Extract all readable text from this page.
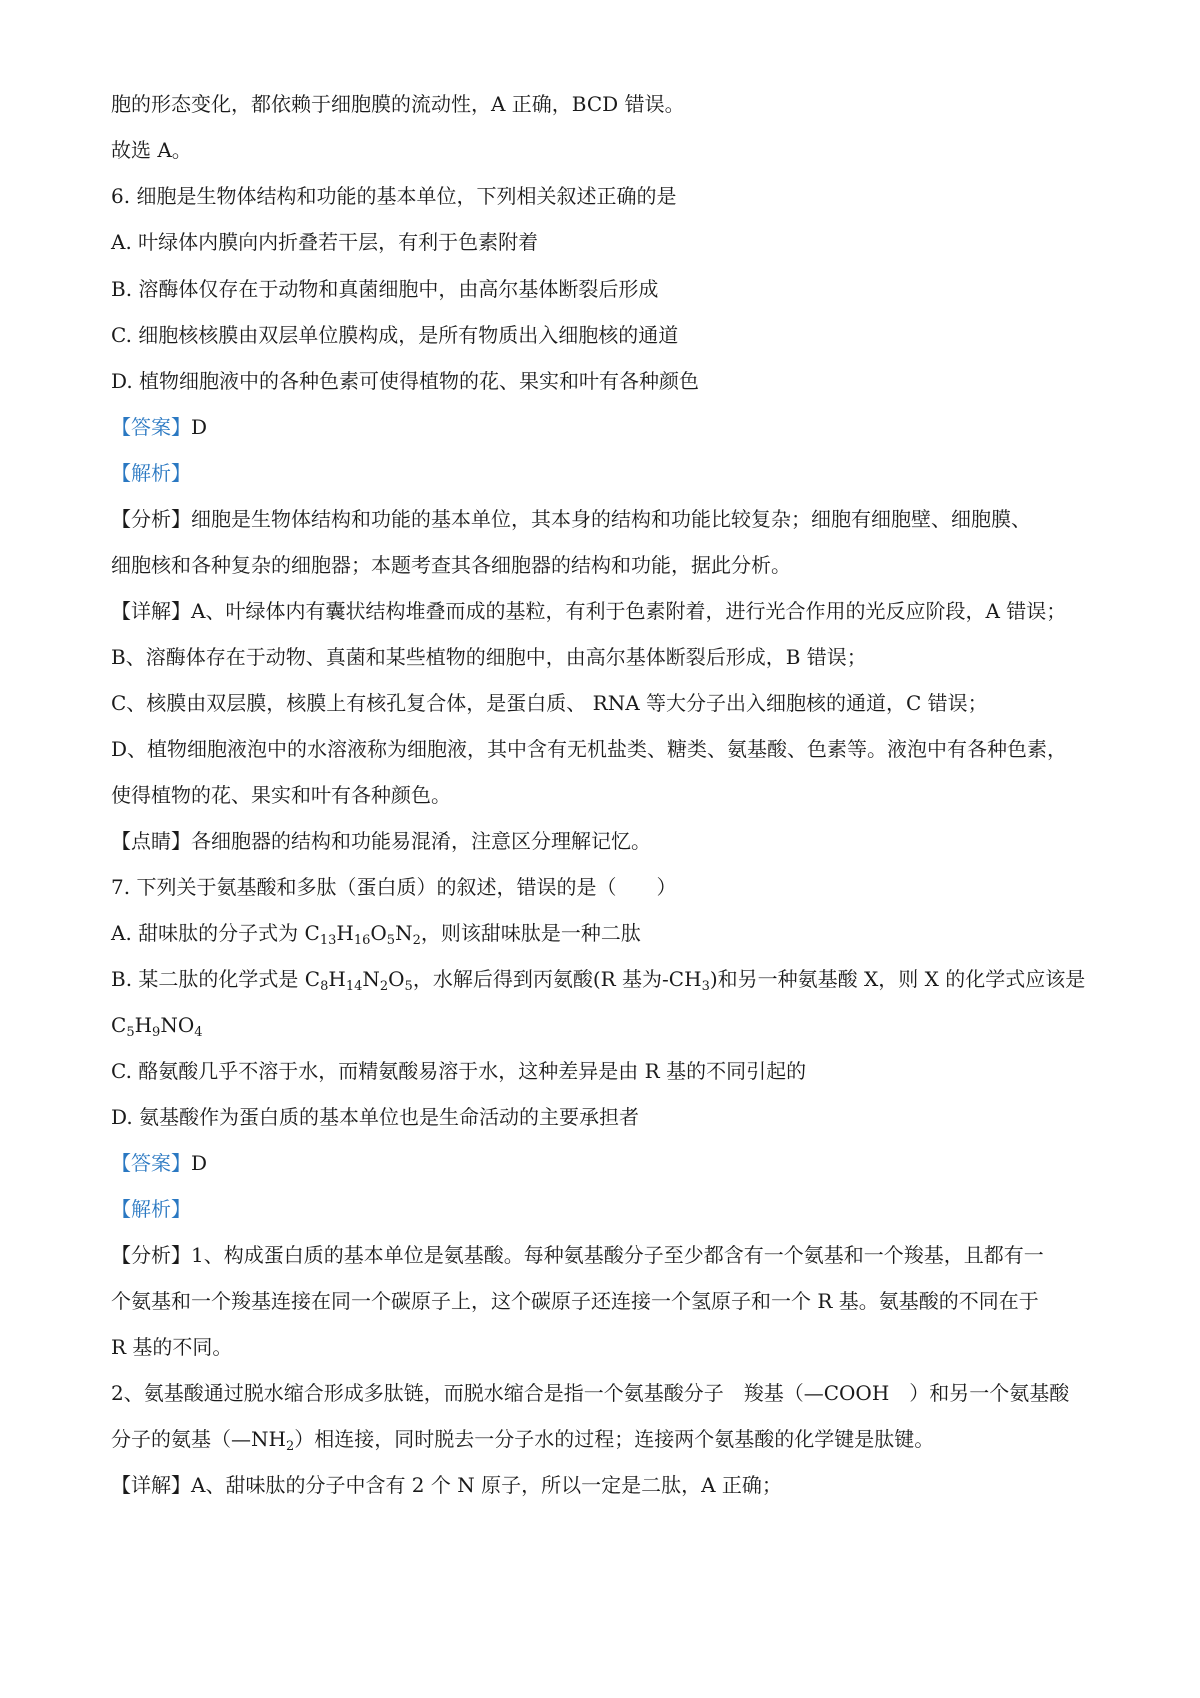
胞的形态变化，都依赖于细胞膜的流动性，A 正确，BCD 错误。
故选 A。
6. 细胞是生物体结构和功能的基本单位，下列相关叙述正确的是
A. 叶绿体内膜向内折叠若干层，有利于色素附着
B. 溶酶体仅存在于动物和真菌细胞中，由高尔基体断裂后形成
C. 细胞核核膜由双层单位膜构成，是所有物质出入细胞核的通道
D. 植物细胞液中的各种色素可使得植物的花、果实和叶有各种颜色
【答案】D
【解析】
【分析】细胞是生物体结构和功能的基本单位，其本身的结构和功能比较复杂；细胞有细胞壁、细胞膜、
细胞核和各种复杂的细胞器；本题考查其各细胞器的结构和功能，据此分析。
【详解】A、叶绿体内有囊状结构堆叠而成的基粒，有利于色素附着，进行光合作用的光反应阶段，A 错误；
B、溶酶体存在于动物、真菌和某些植物的细胞中，由高尔基体断裂后形成，B 错误；
C、核膜由双层膜，核膜上有核孔复合体，是蛋白质、 RNA 等大分子出入细胞核的通道，C 错误；
D、植物细胞液泡中的水溶液称为细胞液，其中含有无机盐类、糖类、氨基酸、色素等。液泡中有各种色素，
使得植物的花、果实和叶有各种颜色。
【点睛】各细胞器的结构和功能易混淆，注意区分理解记忆。
7. 下列关于氨基酸和多肽（蛋白质）的叙述，错误的是（　　）
A. 甜味肽的分子式为 $C_{13}H_{16}O_5N_2$，则该甜味肽是一种二肽
B. 某二肽的化学式是 $C_8H_{14}N_2O_5$，水解后得到丙氨酸(R 基为$-CH_3$)和另一种氨基酸 X，则 X 的化学式应该是
$C_5H_9NO_4$
C. 酪氨酸几乎不溶于水，而精氨酸易溶于水，这种差异是由 R 基的不同引起的
D. 氨基酸作为蛋白质的基本单位也是生命活动的主要承担者
【答案】D
【解析】
【分析】1、构成蛋白质的基本单位是氨基酸。每种氨基酸分子至少都含有一个氨基和一个羧基，且都有一
个氨基和一个羧基连接在同一个碳原子上，这个碳原子还连接一个氢原子和一个 R 基。氨基酸的不同在于
R 基的不同。
2、氨基酸通过脱水缩合形成多肽链，而脱水缩合是指一个氨基酸分子　羧基（—COOH　）和另一个氨基酸
分子的氨基$(—NH_2)$相连接，同时脱去一分子水的过程；连接两个氨基酸的化学键是肽键。
【详解】A、甜味肽的分子中含有 2 个 N 原子，所以一定是二肽，A 正确；
